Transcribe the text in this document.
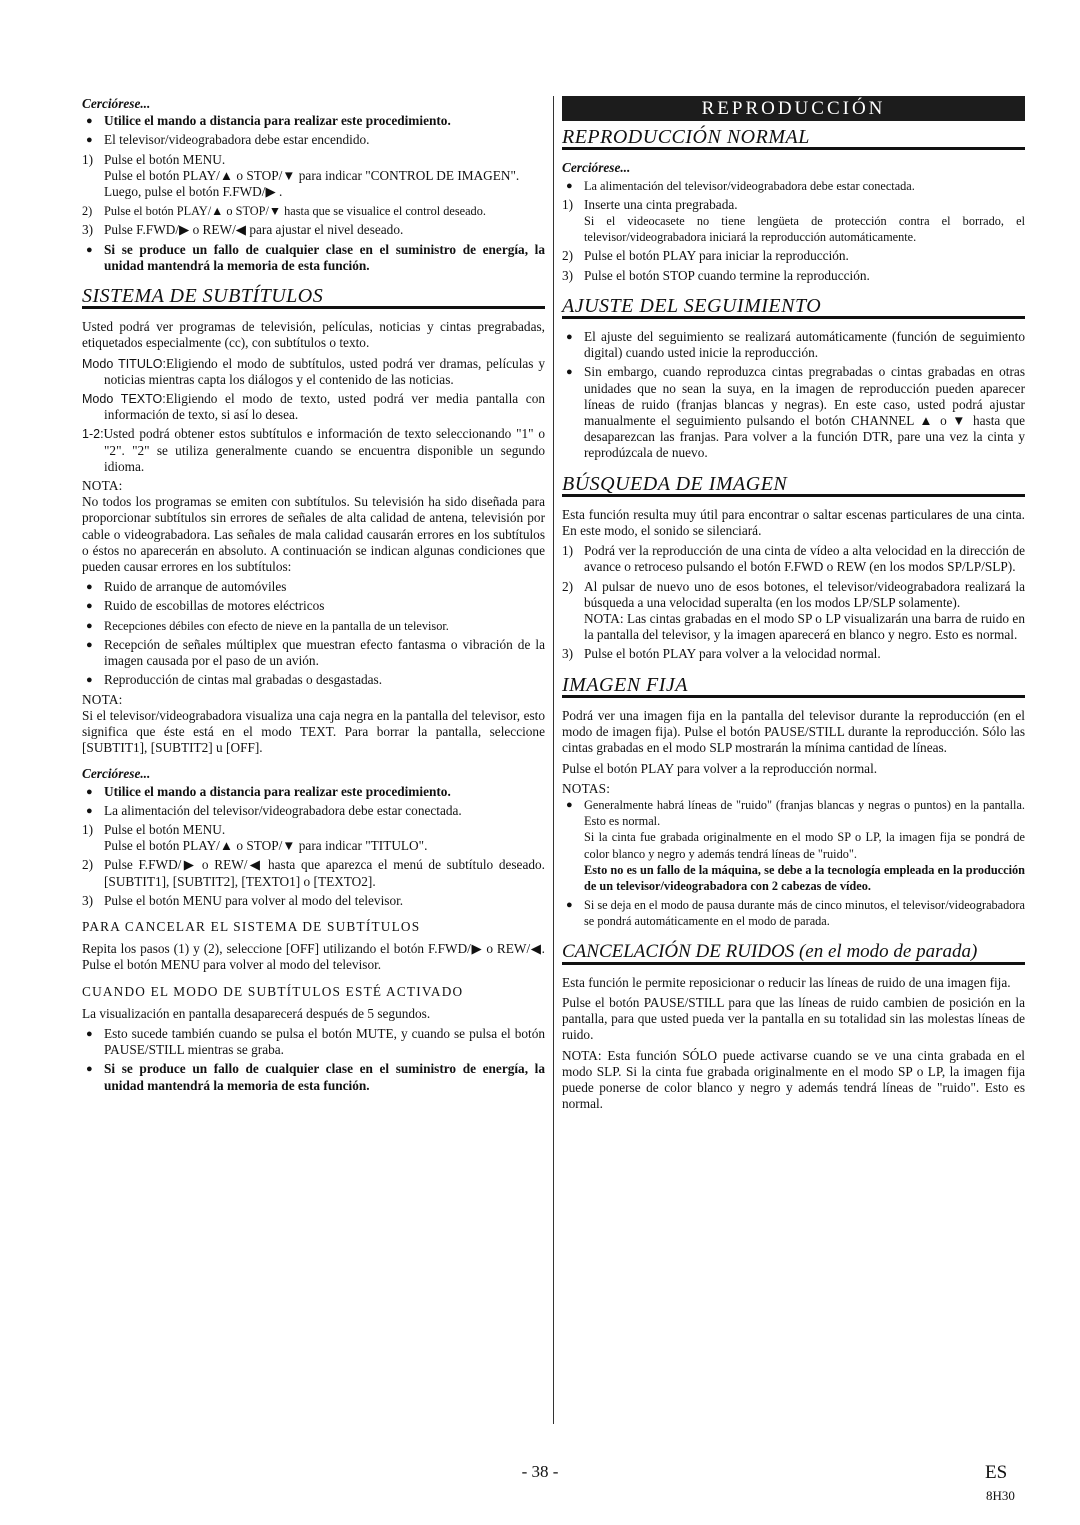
Cerciórese...

● Utilice el mando a distancia para realizar este procedimiento.
● El televisor/videograbadora debe estar encendido.
1) Pulse el botón MENU.
Pulse el botón PLAY/▲ o STOP/▼ para indicar "CONTROL DE IMAGEN".
Luego, pulse el botón F.FWD/▶ .
2) Pulse el botón PLAY/▲ o STOP/▼ hasta que se visualice el control deseado.
3) Pulse F.FWD/▶ o REW/◀ para ajustar el nivel deseado.
● Si se produce un fallo de cualquier clase en el suministro de energía, la unidad mantendrá la memoria de esta función.
SISTEMA DE SUBTÍTULOS

Usted podrá ver programas de televisión, películas, noticias y cintas pregrabadas, etiquetados especialmente (cc), con subtítulos o texto.

Modo TITULO:Eligiendo el modo de subtítulos, usted podrá ver dramas, películas y noticias mientras capta los diálogos y el contenido de las noticias.

Modo TEXTO:Eligiendo el modo de texto, usted podrá ver media pantalla con información de texto, si así lo desea.

1-2:Usted podrá obtener estos subtítulos e información de texto seleccionando "1" o "2". "2" se utiliza generalmente cuando se encuentra disponible un segundo idioma.

NOTA:

No todos los programas se emiten con subtítulos. Su televisión ha sido diseñada para proporcionar subtítulos sin errores de señales de alta calidad de antena, televisión por cable o videograbadora. Las señales de mala calidad causarán errores en los subtítulos o éstos no aparecerán en absoluto. A continuación se indican algunas condiciones que pueden causar errores en los subtítulos:

● Ruido de arranque de automóviles
● Ruido de escobillas de motores eléctricos
● Recepciones débiles con efecto de nieve en la pantalla de un televisor.
● Recepción de señales múltiplex que muestran efecto fantasma o vibración de la imagen causada por el paso de un avión.
● Reproducción de cintas mal grabadas o desgastadas.

NOTA:

Si el televisor/videograbadora visualiza una caja negra en la pantalla del televisor, esto significa que éste está en el modo TEXT. Para borrar la pantalla, seleccione [SUBTIT1], [SUBTIT2] u [OFF].

Cerciórese...

● Utilice el mando a distancia para realizar este procedimiento.
● La alimentación del televisor/videograbadora debe estar conectada.
1) Pulse el botón MENU.
Pulse el botón PLAY/▲ o STOP/▼ para indicar "TITULO".
2) Pulse F.FWD/▶ o REW/◀ hasta que aparezca el menú de subtítulo deseado. [SUBTIT1], [SUBTIT2], [TEXTO1] o [TEXTO2].
3) Pulse el botón MENU para volver al modo del televisor.
PARA CANCELAR EL SISTEMA DE SUBTÍTULOS

Repita los pasos (1) y (2), seleccione [OFF] utilizando el botón F.FWD/▶ o REW/◀. Pulse el botón MENU para volver al modo del televisor.

CUANDO EL MODO DE SUBTÍTULOS ESTÉ ACTIVADO

La visualización en pantalla desaparecerá después de 5 segundos.

● Esto sucede también cuando se pulsa el botón MUTE, y cuando se pulsa el botón PAUSE/STILL mientras se graba.
● Si se produce un fallo de cualquier clase en el suministro de energía, la unidad mantendrá la memoria de esta función.
REPRODUCCIÓN
REPRODUCCIÓN NORMAL

Cerciórese...

● La alimentación del televisor/videograbadora debe estar conectada.
1) Inserte una cinta pregrabada.
Si el videocasete no tiene lengüeta de protección contra el borrado, el televisor/videograbadora iniciará la reproducción automáticamente.
2) Pulse el botón PLAY para iniciar la reproducción.
3) Pulse el botón STOP cuando termine la reproducción.
AJUSTE DEL SEGUIMIENTO
● El ajuste del seguimiento se realizará automáticamente (función de seguimiento digital) cuando usted inicie la reproducción.
● Sin embargo, cuando reproduzca cintas pregrabadas o cintas grabadas en otras unidades que no sean la suya, en la imagen de reproducción pueden aparecer líneas de ruido (franjas blancas y negras). En este caso, usted podrá ajustar manualmente el seguimiento pulsando el botón CHANNEL ▲ o ▼ hasta que desaparezcan las franjas. Para volver a la función DTR, pare una vez la cinta y reprodúzcala de nuevo.
BÚSQUEDA DE IMAGEN

Esta función resulta muy útil para encontrar o saltar escenas particulares de una cinta. En este modo, el sonido se silenciará.

1) Podrá ver la reproducción de una cinta de vídeo a alta velocidad en la dirección de avance o retroceso pulsando el botón F.FWD o REW (en los modos SP/LP/SLP).
2) Al pulsar de nuevo uno de esos botones, el televisor/videograbadora realizará la búsqueda a una velocidad superalta (en los modos LP/SLP solamente).
NOTA: Las cintas grabadas en el modo SP o LP visualizarán una barra de ruido en la pantalla del televisor, y la imagen aparecerá en blanco y negro. Esto es normal.
3) Pulse el botón PLAY para volver a la velocidad normal.
IMAGEN FIJA

Podrá ver una imagen fija en la pantalla del televisor durante la reproducción (en el modo de imagen fija). Pulse el botón PAUSE/STILL durante la reproducción. Sólo las cintas grabadas en el modo SLP mostrarán la mínima cantidad de líneas.

Pulse el botón PLAY para volver a la reproducción normal.

NOTAS:

● Generalmente habrá líneas de "ruido" (franjas blancas y negras o puntos) en la pantalla. Esto es normal.
Si la cinta fue grabada originalmente en el modo SP o LP, la imagen fija se pondrá de color blanco y negro y además tendrá líneas de "ruido".
Esto no es un fallo de la máquina, se debe a la tecnología empleada en la producción de un televisor/videograbadora con 2 cabezas de vídeo.
● Si se deja en el modo de pausa durante más de cinco minutos, el televisor/videograbadora se pondrá automáticamente en el modo de parada.
CANCELACIÓN DE RUIDOS (en el modo de parada)

Esta función le permite reposicionar o reducir las líneas de ruido de una imagen fija.

Pulse el botón PAUSE/STILL para que las líneas de ruido cambien de posición en la pantalla, para que usted pueda ver la pantalla en su totalidad sin las molestas líneas de ruido.

NOTA: Esta función SÓLO puede activarse cuando se ve una cinta grabada en el modo SLP. Si la cinta fue grabada originalmente en el modo SP o LP, la imagen fija puede ponerse de color blanco y negro y además tendrá líneas de "ruido". Esto es normal.

- 38 -	ES
8H30
